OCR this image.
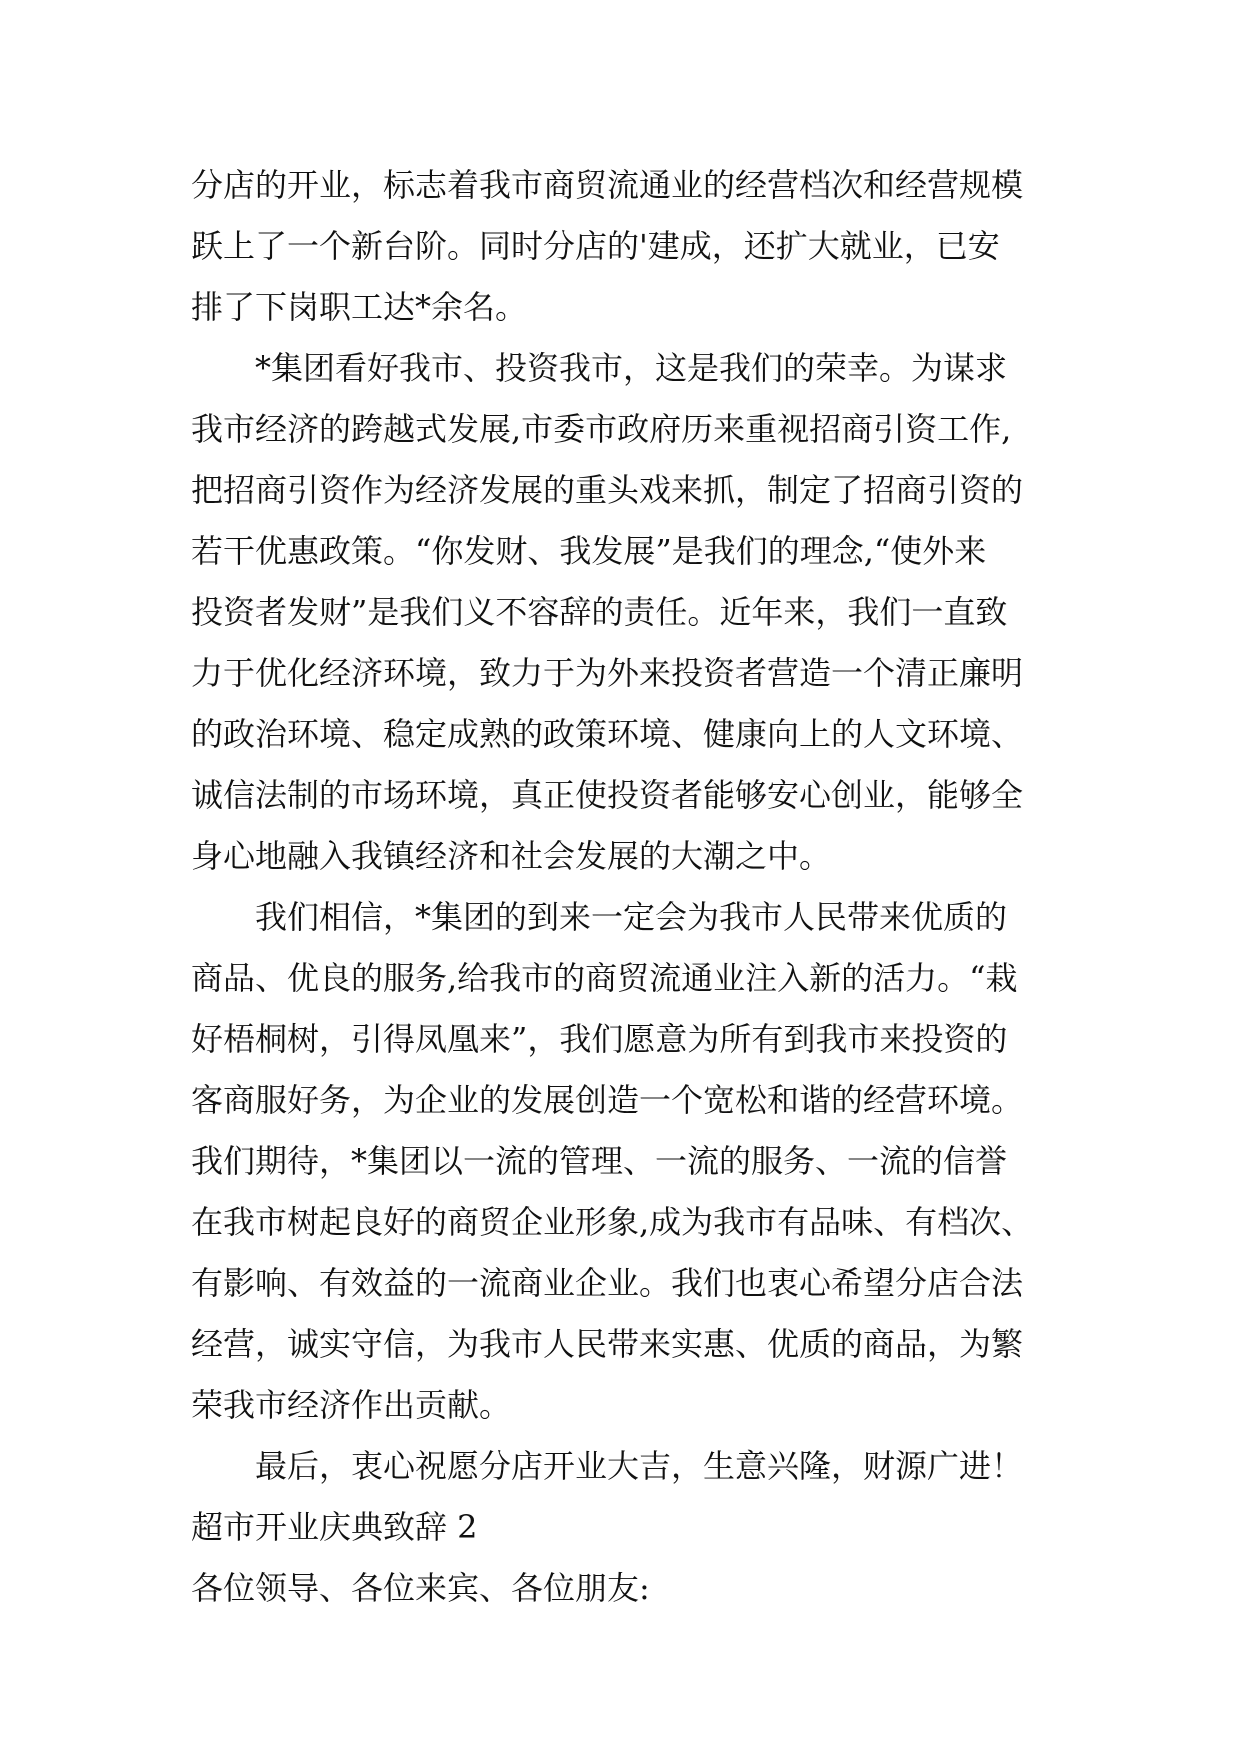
分店的开业，标志着我市商贸流通业的经营档次和经营规模
跃上了一个新台阶。同时分店的'建成，还扩大就业，已安
排了下岗职工达*余名。
*集团看好我市、投资我市，这是我们的荣幸。为谋求
我市经济的跨越式发展,市委市政府历来重视招商引资工作,
把招商引资作为经济发展的重头戏来抓，制定了招商引资的
若干优惠政策。“你发财、我发展”是我们的理念,“使外来
投资者发财”是我们义不容辞的责任。近年来，我们一直致
力于优化经济环境，致力于为外来投资者营造一个清正廉明
的政治环境、稳定成熟的政策环境、健康向上的人文环境、
诚信法制的市场环境，真正使投资者能够安心创业，能够全
身心地融入我镇经济和社会发展的大潮之中。
我们相信，*集团的到来一定会为我市人民带来优质的
商品、优良的服务,给我市的商贸流通业注入新的活力。“栽
好梧桐树，引得凤凰来”，我们愿意为所有到我市来投资的
客商服好务，为企业的发展创造一个宽松和谐的经营环境。
我们期待，*集团以一流的管理、一流的服务、一流的信誉
在我市树起良好的商贸企业形象,成为我市有品味、有档次、
有影响、有效益的一流商业企业。我们也衷心希望分店合法
经营，诚实守信，为我市人民带来实惠、优质的商品，为繁
荣我市经济作出贡献。
最后，衷心祝愿分店开业大吉，生意兴隆，财源广进！
超市开业庆典致辞 2
各位领导、各位来宾、各位朋友:
